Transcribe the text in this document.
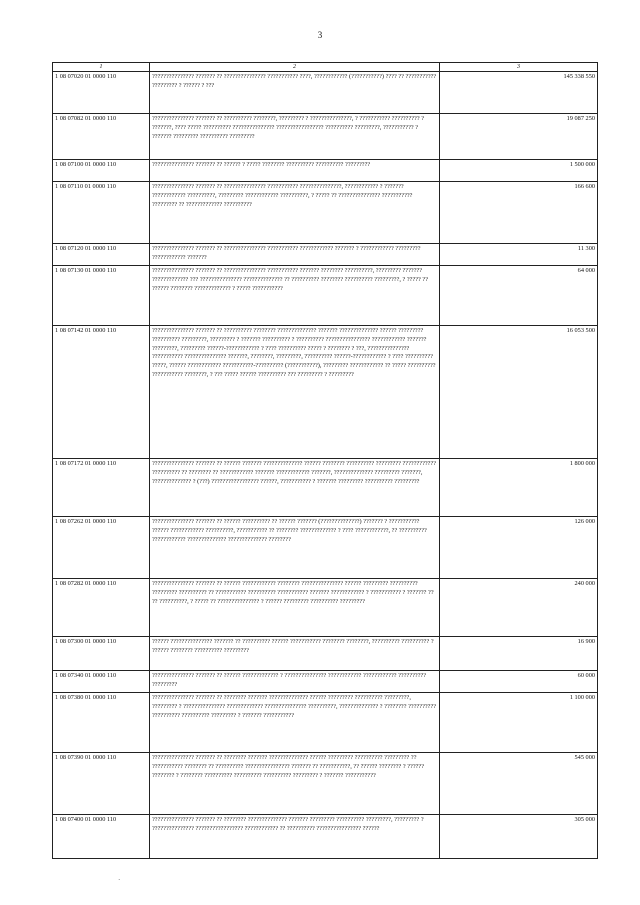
3
1	2	3
1 08 07020 01 0000 110	??????????????? ??????? ?? ??????????????? ??????????? ????, ???????????? (???????????) ???? ?? ??????????? ????????? ? ?????? ? ???	145 338 550
1 08 07082 01 0000 110	??????????????? ??????? ?? ?????????? ????????, ????????? ? ???????????????, ? ??????????? ?????????? ? ???????, ???? ????? ?????????? ??????????????? ????????????????? ?????????? ?????????, ??????????? ? ??????? ????????? ?????????? ?????????	19 087 250
1 08 07100 01 0000 110	??????????????? ??????? ?? ?????? ? ????? ???????? ?????????? ?????????? ?????????	1 500 000
1 08 07110 01 0000 110	??????????????? ??????? ?? ??????????????? ??????????? ???????????????, ???????????? ? ??????? ???????????? ??????????, ????????? ???????????? ??????????, ? ????? ?? ??????????????? ??????????? ????????? ?? ????????????? ??????????	166 600
1 08 07120 01 0000 110	??????????????? ??????? ?? ??????????????? ??????????? ???????????? ??????? ? ???????????? ????????? ???????????? ???????	11 300
1 08 07130 01 0000 110	??????????????? ??????? ?? ??????????????? ??????????? ??????? ???????? ??????????, ????????? ??????? ????????????? ??? ??????????????? ?????????????? ?? ?????????? ???????? ?????????? ?????????, ? ????? ?? ?????? ???????? ????????????? ? ????? ???????????	64 000
1 08 07142 01 0000 110	??????????????? ??????? ?? ?????????? ???????? ?????????????? ??????? ?????????????? ?????? ????????? ?????????? ?????????, ????????? ? ??????? ?????????? ? ?????????? ???????????????? ???????????? ??????? ?????????, ????????? ??????-???????????? ? ???? ?????????? ????? ? ???????? ? ???, ??????????????? ??????????? ??????????????? ???????, ????????, ?????????, ?????????? ??????-???????????? ? ???? ?????????? ?????, ?????? ???????????? ???????????-?????????? (???????????), ????????? ???????????? ?? ????? ?????????? ??????????? ????????, ? ??? ????? ?????? ?????????? ??? ????????? ? ?????????	16 053 500
1 08 07172 01 0000 110	??????????????? ??????? ?? ?????? ??????? ?????????????? ?????? ???????? ?????????? ????????? ???????????? ?????????? ?? ???????? ?? ???????????? ??????? ???????????? ???????, ?????????????? ????????? ???????, ?????????????? ? (???) ????????????????? ??????, ??????????? ? ??????? ????????? ?????????? ?????????	1 800 000
1 08 07262 01 0000 110	??????????????? ??????? ?? ?????? ?????????? ?? ?????? ??????? (??????????????) ??????? ? ??????????? ?????? ???????????? ??????????, ??????????? ?? ???????? ????????????? ? ???? ????????????, ?? ?????????? ???????????? ?????????????? ?????????????? ????????	126 000
1 08 07282 01 0000 110	??????????????? ??????? ?? ?????? ???????????? ???????? ??????????????? ?????? ????????? ?????????? ????????? ?????????? ?? ??????????? ?????????? ??????????? ??????? ???????????? ? ??????????? ? ??????? ?? ?? ??????????, ? ????? ?? ??????????????? ? ?????? ????????? ?????????? ?????????	240 000
1 08 07300 01 0000 110	?????? ??????????????? ??????? ?? ?????????? ?????? ??????????? ???????? ????????, ?????????? ?????????? ? ?????? ???????? ?????????? ?????????	16 900
1 08 07340 01 0000 110	??????????????? ??????? ?? ?????? ????????????? ? ??????????????? ???????????? ???????????? ?????????? ?????????	60 000
1 08 07380 01 0000 110	??????????????? ??????? ?? ???????? ??????? ?????????????? ?????? ????????? ?????????? ?????????, ????????? ? ??????????????? ????????????? ??????????????? ??????????, ?????????????? ? ???????? ?????????? ?????????? ?????????? ????????? ? ??????? ???????????	1 100 000
1 08 07390 01 0000 110	??????????????? ??????? ?? ???????? ??????? ?????????????? ?????? ????????? ?????????? ????????? ?? ??????????? ???????? ?? ?????????? ???????????????? ??????? ?? ???????????, ?? ?????? ???????? ? ?????? ???????? ? ???????? ?????????? ?????????? ?????????? ????????? ? ??????? ???????????	545 000
1 08 07400 01 0000 110	??????????????? ??????? ?? ???????? ?????????????? ??????? ????????? ?????????? ?????????, ????????? ? ??????????????? ????????????????? ???????????? ?? ?????????? ???????????????? ??????	305 000
·
